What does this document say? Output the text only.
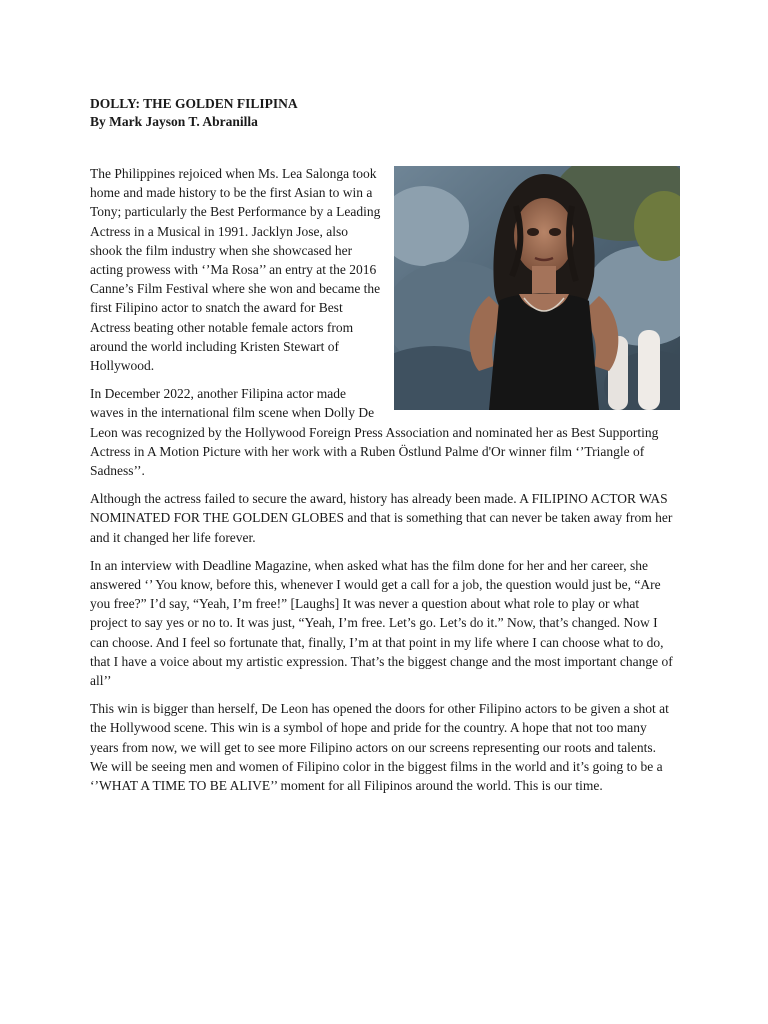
DOLLY: THE GOLDEN FILIPINA
By Mark Jayson T. Abranilla

The Philippines rejoiced when Ms. Lea Salonga took home and made history to be the first Asian to win a Tony; particularly the Best Performance by a Leading Actress in a Musical in 1991. Jacklyn Jose, also shook the film industry when she showcased her acting prowess with ‘’Ma Rosa’’ an entry at the 2016 Canne’s Film Festival where she won and became the first Filipino actor to snatch the award for Best Actress beating other notable female actors from around the world including Kristen Stewart of Hollywood.

In December 2022, another Filipina actor made waves in the international film scene when Dolly De Leon was recognized by the Hollywood Foreign Press Association and nominated her as Best Supporting Actress in A Motion Picture with her work with a Ruben Östlund Palme d'Or winner film ‘’Triangle of Sadness’’.

Although the actress failed to secure the award, history has already been made. A FILIPINO ACTOR WAS NOMINATED FOR THE GOLDEN GLOBES and that is something that can never be taken away from her and it changed her life forever.

In an interview with Deadline Magazine, when asked what has the film done for her and her career, she answered ‘’ You know, before this, whenever I would get a call for a job, the question would just be, “Are you free?” I’d say, “Yeah, I’m free!” [Laughs] It was never a question about what role to play or what project to say yes or no to. It was just, “Yeah, I’m free. Let’s go. Let’s do it.” Now, that’s changed. Now I can choose. And I feel so fortunate that, finally, I’m at that point in my life where I can choose what to do, that I have a voice about my artistic expression. That’s the biggest change and the most important change of all’’

This win is bigger than herself, De Leon has opened the doors for other Filipino actors to be given a shot at the Hollywood scene. This win is a symbol of hope and pride for the country. A hope that not too many years from now, we will get to see more Filipino actors on our screens representing our roots and talents. We will be seeing men and women of Filipino color in the biggest films in the world and it’s going to be a ‘’WHAT A TIME TO BE ALIVE’’ moment for all Filipinos around the world. This is our time.
